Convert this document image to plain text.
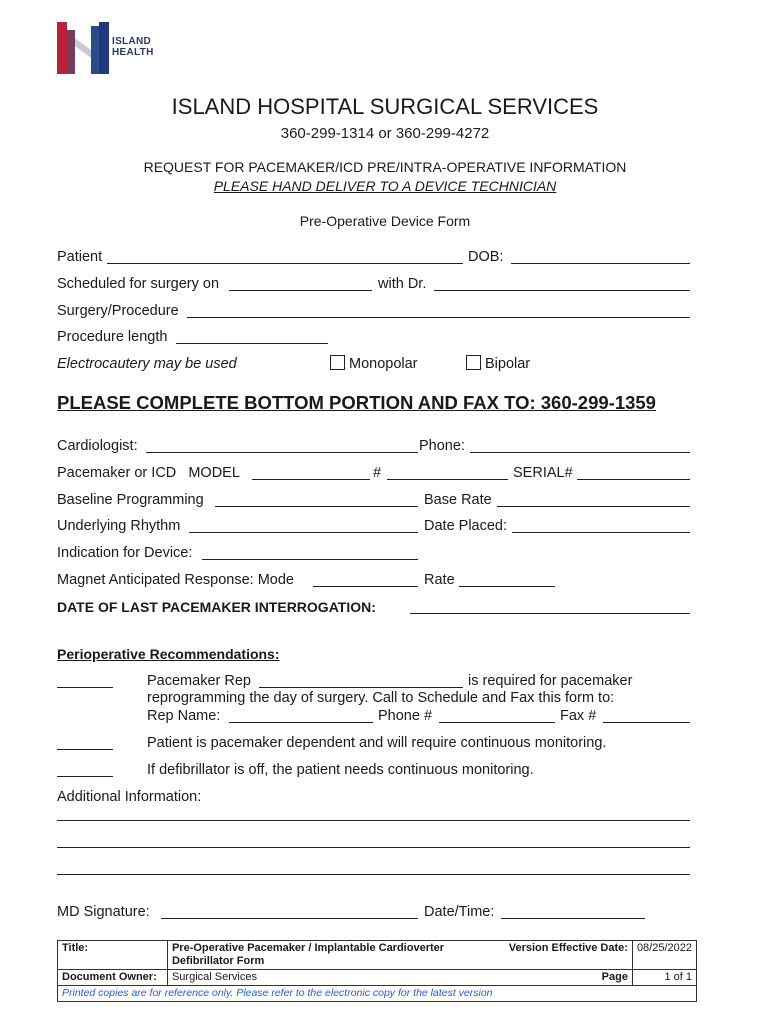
ISLAND
HEALTH
ISLAND HOSPITAL SURGICAL SERVICES
360-299-1314 or 360-299-4272
REQUEST FOR PACEMAKER/ICD PRE/INTRA-OPERATIVE INFORMATION
PLEASE HAND DELIVER TO A DEVICE TECHNICIAN
Pre-Operative Device Form
Patient	DOB:
Scheduled for surgery on	with Dr.
Surgery/Procedure
Procedure length
Electrocautery may be used	Monopolar	Bipolar
PLEASE COMPLETE BOTTOM PORTION AND FAX TO: 360-299-1359
Cardiologist:	Phone:
Pacemaker or ICD   MODEL	#	SERIAL#
Baseline Programming	Base Rate
Underlying Rhythm	Date Placed:
Indication for Device:
Magnet Anticipated Response: Mode	Rate
DATE OF LAST PACEMAKER INTERROGATION:
Perioperative Recommendations:
Pacemaker Rep	is required for pacemaker
reprogramming the day of surgery. Call to Schedule and Fax this form to:
Rep Name:	Phone #	Fax #
Patient is pacemaker dependent and will require continuous monitoring.
If defibrillator is off, the patient needs continuous monitoring.
Additional Information:
MD Signature:	Date/Time:
Title:	Pre-Operative Pacemaker / Implantable Cardioverter
Defibrillator Form	Version Effective Date:	08/25/2022
Document Owner:	Surgical Services	Page	1 of 1
Printed copies are for reference only. Please refer to the electronic copy for the latest version			
